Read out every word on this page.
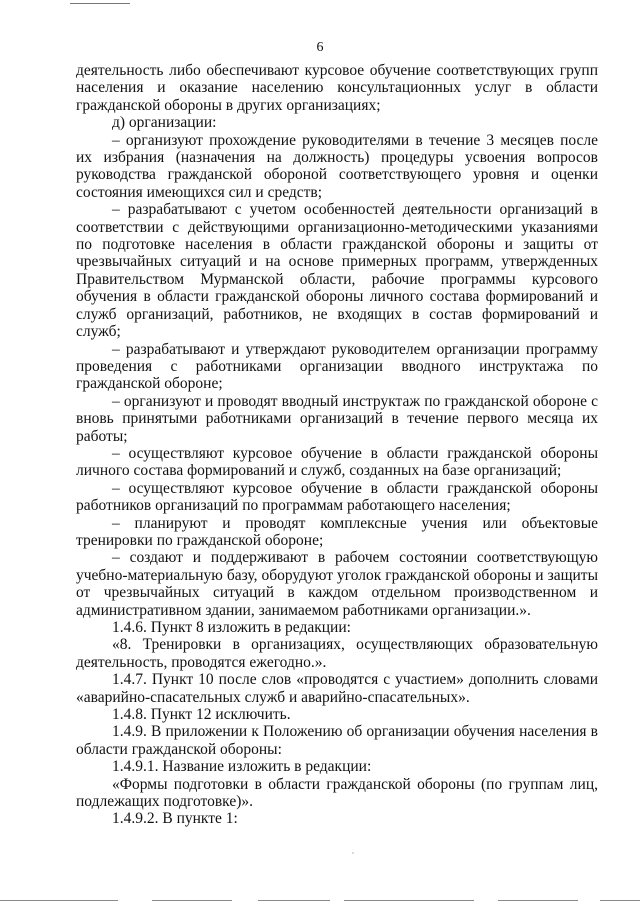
6

деятельность либо обеспечивают курсовое обучение соответствующих групп населения и оказание населению консультационных услуг в области гражданской обороны в других организациях;

д) организации:

– организуют прохождение руководителями в течение 3 месяцев после их избрания (назначения на должность) процедуры усвоения вопросов руководства гражданской обороной соответствующего уровня и оценки состояния имеющихся сил и средств;

– разрабатывают с учетом особенностей деятельности организаций в соответствии с действующими организационно-методическими указаниями по подготовке населения в области гражданской обороны и защиты от чрезвычайных ситуаций и на основе примерных программ, утвержденных Правительством Мурманской области, рабочие программы курсового обучения в области гражданской обороны личного состава формирований и служб организаций, работников, не входящих в состав формирований и служб;

– разрабатывают и утверждают руководителем организации программу проведения с работниками организации вводного инструктажа по гражданской обороне;

– организуют и проводят вводный инструктаж по гражданской обороне с вновь принятыми работниками организаций в течение первого месяца их работы;

– осуществляют курсовое обучение в области гражданской обороны личного состава формирований и служб, созданных на базе организаций;

– осуществляют курсовое обучение в области гражданской обороны работников организаций по программам работающего населения;

– планируют и проводят комплексные учения или объектовые тренировки по гражданской обороне;

– создают и поддерживают в рабочем состоянии соответствующую учебно-материальную базу, оборудуют уголок гражданской обороны и защиты от чрезвычайных ситуаций в каждом отдельном производственном и административном здании, занимаемом работниками организации.».

1.4.6. Пункт 8 изложить в редакции:

«8. Тренировки в организациях, осуществляющих образовательную деятельность, проводятся ежегодно.».

1.4.7. Пункт 10 после слов «проводятся с участием» дополнить словами «аварийно-спасательных служб и аварийно-спасательных».

1.4.8. Пункт 12 исключить.

1.4.9. В приложении к Положению об организации обучения населения в области гражданской обороны:

1.4.9.1. Название изложить в редакции:

«Формы подготовки в области гражданской обороны (по группам лиц, подлежащих подготовке)».

1.4.9.2. В пункте 1:
